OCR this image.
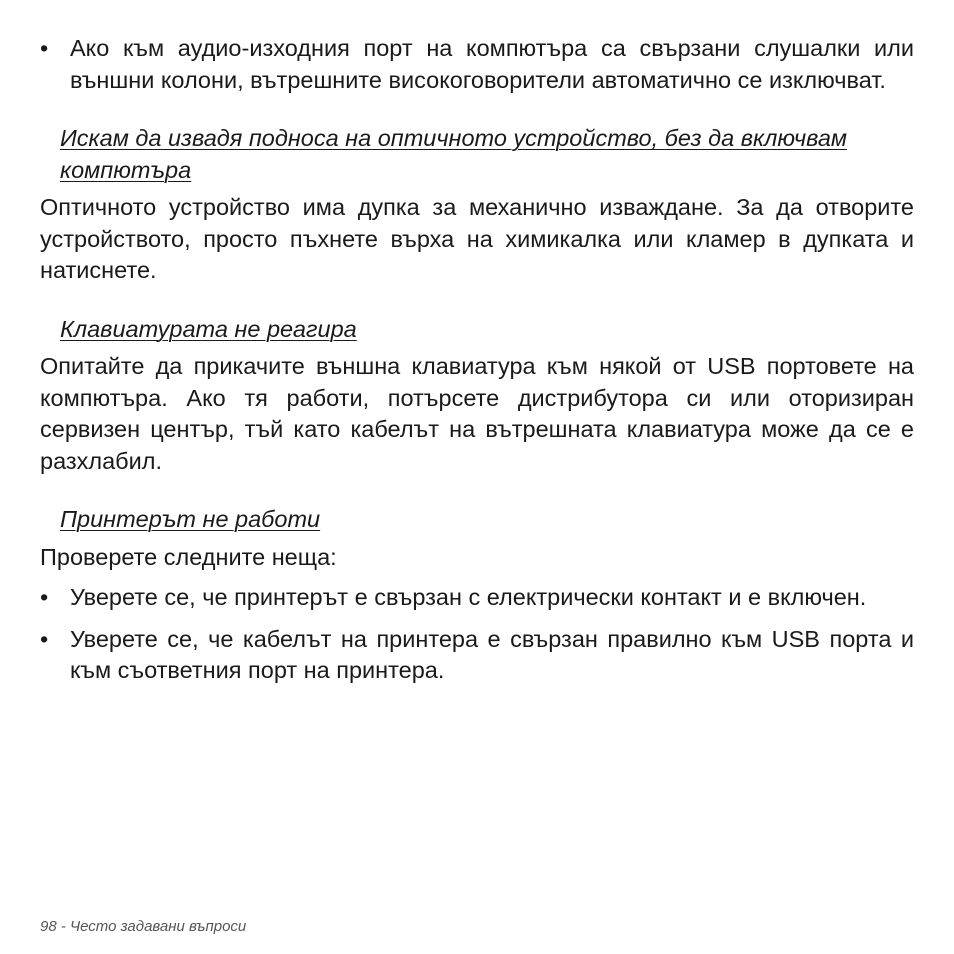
• Ако към аудио-изходния порт на компютъра са свързани слушалки или външни колони, вътрешните високоговорители автоматично се изключват.
Искам да извадя подноса на оптичното устройство, без да включвам компютъра
Оптичното устройство има дупка за механично изваждане. За да отворите устройството, просто пъхнете върха на химикалка или кламер в дупката и натиснете.
Клавиатурата не реагира
Опитайте да прикачите външна клавиатура към някой от USB портовете на компютъра. Ако тя работи, потърсете дистрибутора си или оторизиран сервизен център, тъй като кабелът на вътрешната клавиатура може да се е разхлабил.
Принтерът не работи
Проверете следните неща:
• Уверете се, че принтерът е свързан с електрически контакт и е включен.
• Уверете се, че кабелът на принтера е свързан правилно към USB порта и към съответния порт на принтера.
98 - Често задавани въпроси
